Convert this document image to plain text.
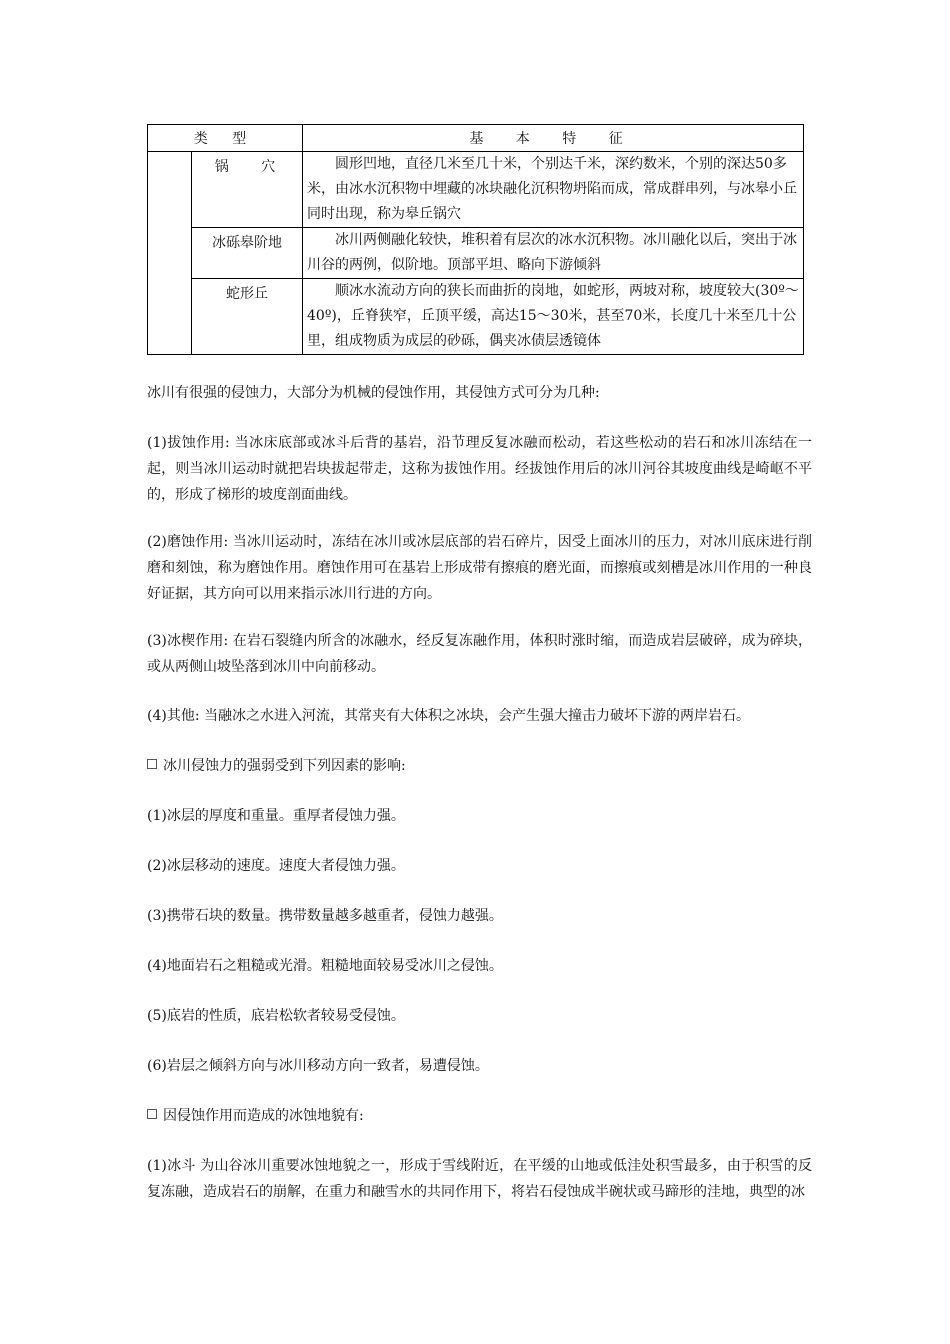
类 型		基 本 特 征
	锅 穴	圆形凹地，直径几米至几十米，个别达千米，深约数米，个别的深达50多米，由冰水沉积物中埋藏的冰块融化沉积物坍陷而成，常成群串列，与冰皋小丘同时出现，称为皋丘锅穴
	冰砾皋阶地	冰川两侧融化较快，堆积着有层次的冰水沉积物。冰川融化以后，突出于冰川谷的两例，似阶地。顶部平坦、略向下游倾斜
	蛇形丘	顺冰水流动方向的狭长而曲折的岗地，如蛇形，两坡对称，坡度较大(30º～40º)，丘脊狭窄，丘顶平缓，高达15～30米，甚至70米，长度几十米至几十公里，组成物质为成层的砂砾，偶夹冰债层透镜体

冰川有很强的侵蚀力，大部分为机械的侵蚀作用，其侵蚀方式可分为几种:

(1)拔蚀作用: 当冰床底部或冰斗后背的基岩，沿节理反复冰融而松动，若这些松动的岩石和冰川冻结在一起，则当冰川运动时就把岩块拔起带走，这称为拔蚀作用。经拔蚀作用后的冰川河谷其坡度曲线是崎岖不平的，形成了梯形的坡度剖面曲线。

(2)磨蚀作用: 当冰川运动时，冻结在冰川或冰层底部的岩石碎片，因受上面冰川的压力，对冰川底床进行削磨和刻蚀，称为磨蚀作用。磨蚀作用可在基岩上形成带有擦痕的磨光面，而擦痕或刻槽是冰川作用的一种良好证据，其方向可以用来指示冰川行进的方向。

(3)冰楔作用: 在岩石裂缝内所含的冰融水，经反复冻融作用，体积时涨时缩，而造成岩层破碎，成为碎块，或从两侧山坡坠落到冰川中向前移动。

(4)其他: 当融冰之水进入河流，其常夹有大体积之冰块，会产生强大撞击力破坏下游的两岸岩石。

冰川侵蚀力的强弱受到下列因素的影响:

(1)冰层的厚度和重量。重厚者侵蚀力强。

(2)冰层移动的速度。速度大者侵蚀力强。

(3)携带石块的数量。携带数量越多越重者，侵蚀力越强。

(4)地面岩石之粗糙或光滑。粗糙地面较易受冰川之侵蚀。

(5)底岩的性质，底岩松软者较易受侵蚀。

(6)岩层之倾斜方向与冰川移动方向一致者，易遭侵蚀。

因侵蚀作用而造成的冰蚀地貌有:

(1)冰斗 为山谷冰川重要冰蚀地貌之一，形成于雪线附近，在平缓的山地或低洼处积雪最多，由于积雪的反复冻融，造成岩石的崩解，在重力和融雪水的共同作用下，将岩石侵蚀成半碗状或马蹄形的洼地，典型的冰
